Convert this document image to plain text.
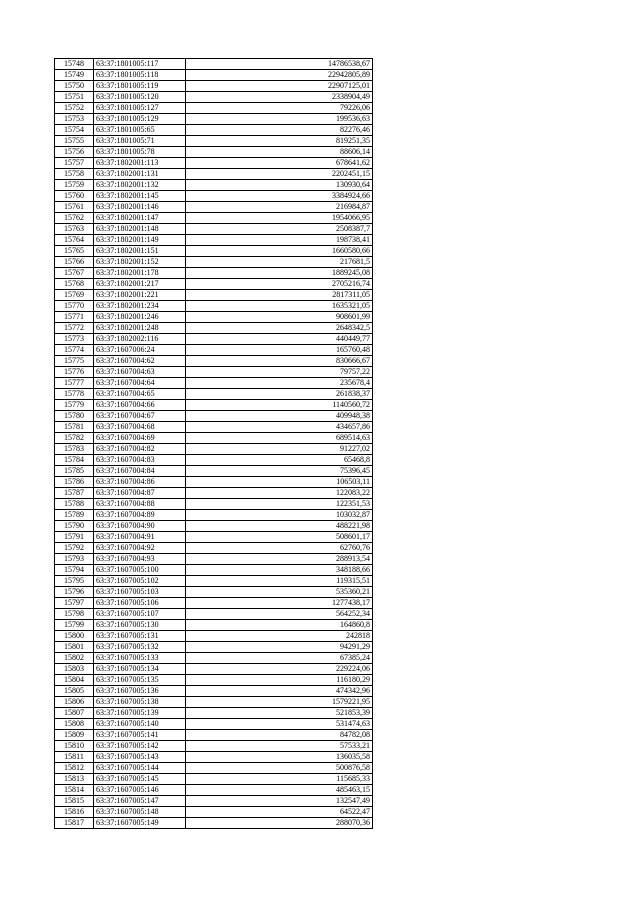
15748	63:37:1801005:117	14786538,67
15749	63:37:1801005:118	22942805,89
15750	63:37:1801005:119	22907125,01
15751	63:37:1801005:120	2338904,49
15752	63:37:1801005:127	79226,06
15753	63:37:1801005:129	199536,63
15754	63:37:1801005:65	82276,46
15755	63:37:1801005:71	819251,35
15756	63:37:1801005:78	88606,14
15757	63:37:1802001:113	678641,62
15758	63:37:1802001:131	2202451,15
15759	63:37:1802001:132	130930,64
15760	63:37:1802001:145	3384924,66
15761	63:37:1802001:146	216984,87
15762	63:37:1802001:147	1954066,95
15763	63:37:1802001:148	2508387,7
15764	63:37:1802001:149	198738,41
15765	63:37:1802001:151	1660580,66
15766	63:37:1802001:152	217681,5
15767	63:37:1802001:178	1889245,08
15768	63:37:1802001:217	2705216,74
15769	63:37:1802001:221	2817311,05
15770	63:37:1802001:234	1635321,05
15771	63:37:1802001:246	908601,99
15772	63:37:1802001:248	2648342,5
15773	63:37:1802002:116	440449,77
15774	63:37:1607006:24	165760,48
15775	63:37:1607004:62	830666,67
15776	63:37:1607004:63	79757,22
15777	63:37:1607004:64	235678,4
15778	63:37:1607004:65	261838,37
15779	63:37:1607004:66	1140560,72
15780	63:37:1607004:67	409948,38
15781	63:37:1607004:68	434657,86
15782	63:37:1607004:69	689514,63
15783	63:37:1607004:82	91227,02
15784	63:37:1607004:83	65468,8
15785	63:37:1607004:84	75396,45
15786	63:37:1607004:86	106503,11
15787	63:37:1607004:87	122083,22
15788	63:37:1607004:88	122351,53
15789	63:37:1607004:89	103032,87
15790	63:37:1607004:90	488221,98
15791	63:37:1607004:91	508601,17
15792	63:37:1607004:92	62760,76
15793	63:37:1607004:93	288913,54
15794	63:37:1607005:100	348188,66
15795	63:37:1607005:102	119315,51
15796	63:37:1607005:103	535360,21
15797	63:37:1607005:106	1277438,17
15798	63:37:1607005:107	564252,34
15799	63:37:1607005:130	164860,8
15800	63:37:1607005:131	242818
15801	63:37:1607005:132	94291,29
15802	63:37:1607005:133	67385,24
15803	63:37:1607005:134	229224,06
15804	63:37:1607005:135	116180,29
15805	63:37:1607005:136	474342,96
15806	63:37:1607005:138	1579221,95
15807	63:37:1607005:139	521853,39
15808	63:37:1607005:140	531474,63
15809	63:37:1607005:141	84782,08
15810	63:37:1607005:142	57533,21
15811	63:37:1607005:143	136035,58
15812	63:37:1607005:144	500876,58
15813	63:37:1607005:145	115685,33
15814	63:37:1607005:146	485463,15
15815	63:37:1607005:147	132547,49
15816	63:37:1607005:148	64522,47
15817	63:37:1607005:149	288070,36
